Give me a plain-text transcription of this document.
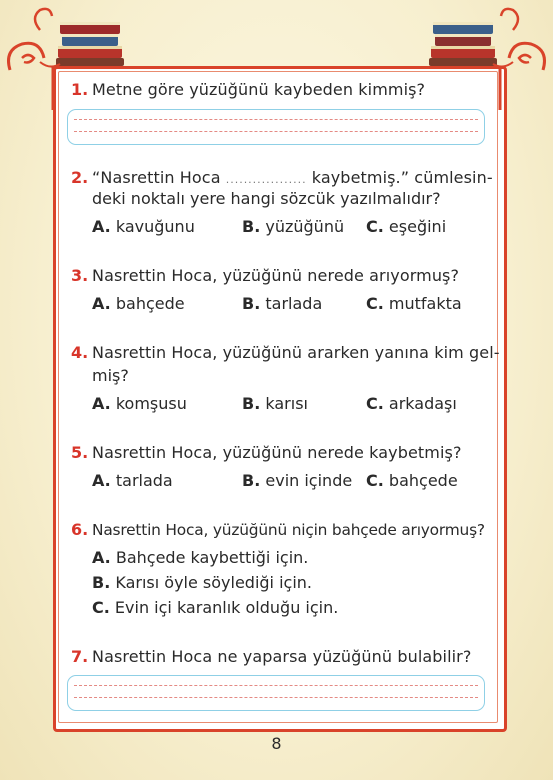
1. Metne göre yüzüğünü kaybeden kimmiş?
2. “Nasrettin Hoca .................. kaybetmiş.” cümlesin-
deki noktalı yere hangi sözcük yazılmalıdır?
A. kavuğunu	B. yüzüğünü C. eşeğini
3. Nasrettin Hoca, yüzüğünü nerede arıyormuş?
A. bahçede	B. tarlada	C. mutfakta
4. Nasrettin Hoca, yüzüğünü ararken yanına kim gel-
miş?
A. komşusu	B. karısı	C. arkadaşı
5. Nasrettin Hoca, yüzüğünü nerede kaybetmiş?
A. tarlada	B. evin içinde C. bahçede
6. Nasrettin Hoca, yüzüğünü niçin bahçede arıyormuş?
A. Bahçede kaybettiği için.
B. Karısı öyle söylediği için.
C. Evin içi karanlık olduğu için.
7. Nasrettin Hoca ne yaparsa yüzüğünü bulabilir?
8
